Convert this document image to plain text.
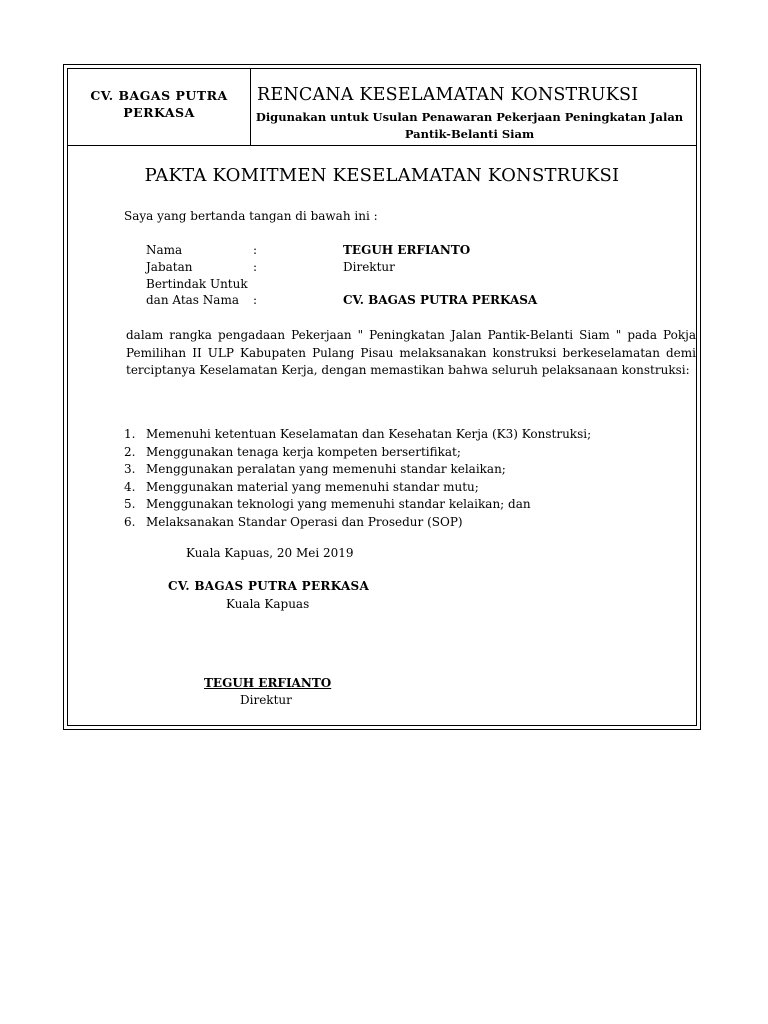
CV. BAGAS PUTRA PERKASA
RENCANA KESELAMATAN KONSTRUKSI
Digunakan untuk Usulan Penawaran Pekerjaan Peningkatan Jalan Pantik-Belanti Siam
PAKTA KOMITMEN KESELAMATAN KONSTRUKSI
Saya yang bertanda tangan di bawah ini :
Nama	:	TEGUH ERFIANTO
Jabatan	:	Direktur
Bertindak Untuk
dan Atas Nama :	CV. BAGAS PUTRA PERKASA
dalam rangka pengadaan Pekerjaan " Peningkatan Jalan Pantik-Belanti Siam " pada Pokja Pemilihan II ULP Kabupaten Pulang Pisau melaksanakan konstruksi berkeselamatan demi terciptanya Keselamatan Kerja, dengan memastikan bahwa seluruh pelaksanaan konstruksi:
1. Memenuhi ketentuan Keselamatan dan Kesehatan Kerja (K3) Konstruksi;
2. Menggunakan tenaga kerja kompeten bersertifikat;
3. Menggunakan peralatan yang memenuhi standar kelaikan;
4. Menggunakan material yang memenuhi standar mutu;
5. Menggunakan teknologi yang memenuhi standar kelaikan; dan
6. Melaksanakan Standar Operasi dan Prosedur (SOP)
Kuala Kapuas, 20 Mei 2019
CV. BAGAS PUTRA PERKASA
Kuala Kapuas
TEGUH ERFIANTO
Direktur
